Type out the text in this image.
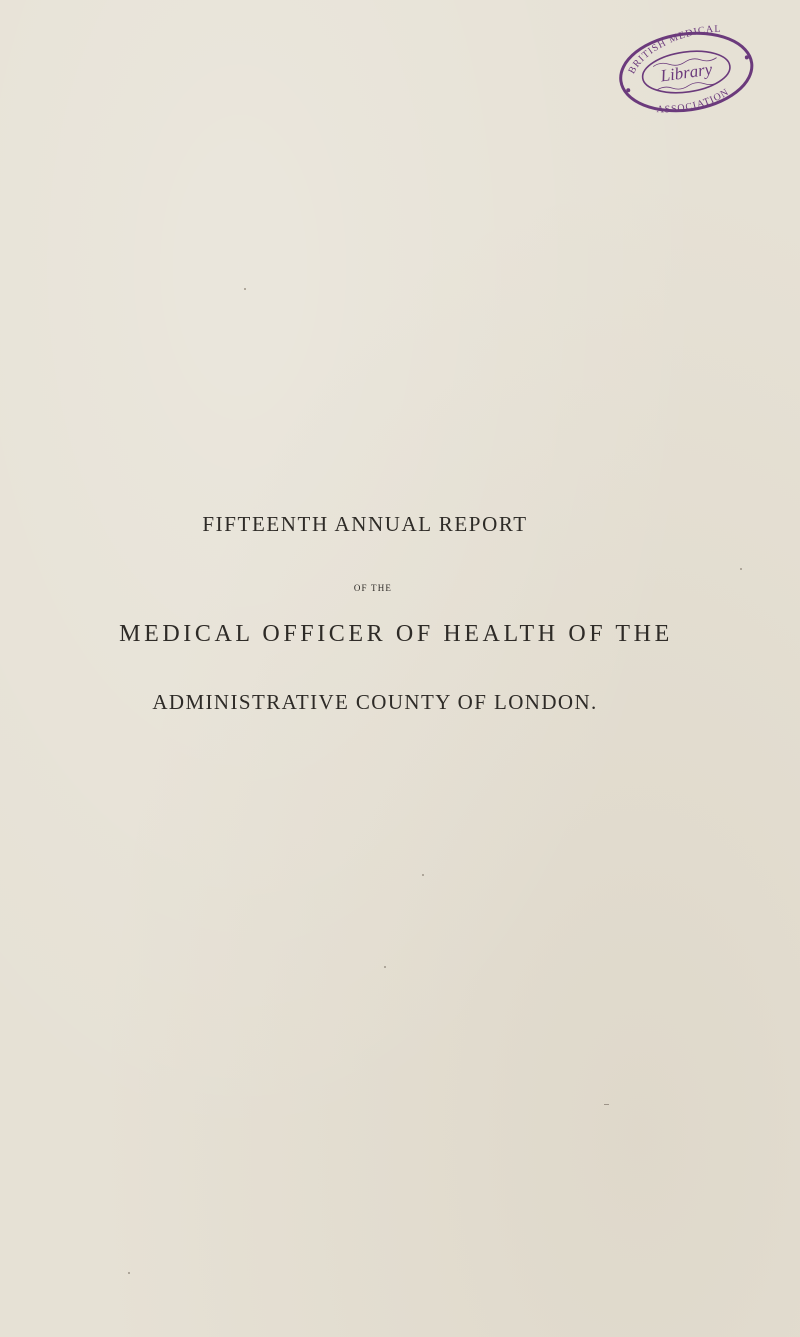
BRITISH MEDICAL
ASSOCIATION
Library
FIFTEENTH ANNUAL REPORT
OF THE
MEDICAL OFFICER OF HEALTH OF THE
ADMINISTRATIVE COUNTY OF LONDON.
